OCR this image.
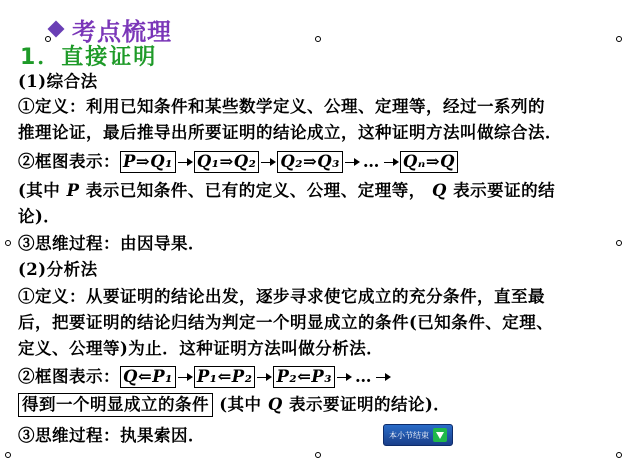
考点梳理
1．直接证明
(1)综合法
①定义：利用已知条件和某些数学定义、公理、定理等，经过一系列的
推理论证，最后推导出所要证明的结论成立，这种证明方法叫做综合法．
②框图表示： P⇒Q₁ Q₁⇒Q₂ Q₂⇒Q₃ … Qₙ⇒Q
(其中 P 表示已知条件、已有的定义、公理、定理等， Q 表示要证的结
论)．
③思维过程：由因导果．
(2)分析法
①定义：从要证明的结论出发，逐步寻求使它成立的充分条件，直至最
后，把要证明的结论归结为判定一个明显成立的条件(已知条件、定理、
定义、公理等)为止．这种证明方法叫做分析法．
②框图表示： Q⇐P₁ P₁⇐P₂ P₂⇐P₃ …
得到一个明显成立的条件 (其中 Q 表示要证明的结论)．
③思维过程：执果索因．	本小节结束
